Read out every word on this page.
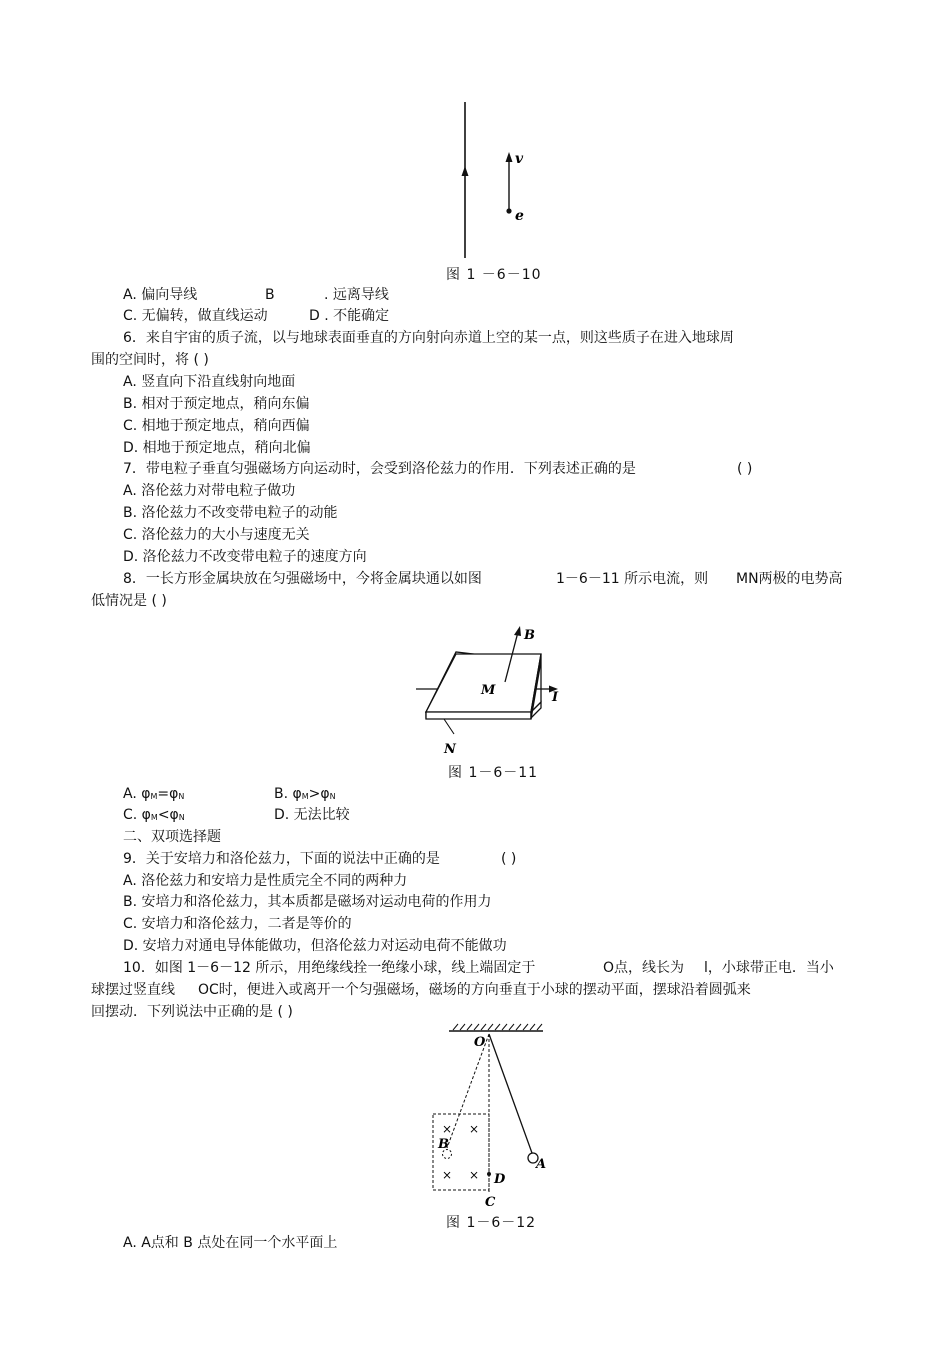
v
e
图 1 －6－10
A. 偏向导线	B	. 远离导线
C. 无偏转，做直线运动	D . 不能确定
6．来自宇宙的质子流，以与地球表面垂直的方向射向赤道上空的某一点，则这些质子在进入地球周
围的空间时，将 ( )
A. 竖直向下沿直线射向地面
B. 相对于预定地点，稍向东偏
C. 相地于预定地点，稍向西偏
D. 相地于预定地点，稍向北偏
7．带电粒子垂直匀强磁场方向运动时，会受到洛伦兹力的作用．下列表述正确的是	( )
A. 洛伦兹力对带电粒子做功
B. 洛伦兹力不改变带电粒子的动能
C. 洛伦兹力的大小与速度无关
D. 洛伦兹力不改变带电粒子的速度方向
8．一长方形金属块放在匀强磁场中，今将金属块通以如图	1－6－11 所示电流，则 MN两极的电势高
低情况是 ( )
B
M	I
N
图 1－6－11
A. φM=φN	B. φM>φN
C. φM<φN	D. 无法比较
二、双项选择题
9．关于安培力和洛伦兹力，下面的说法中正确的是	( )
A. 洛伦兹力和安培力是性质完全不同的两种力
B. 安培力和洛伦兹力，其本质都是磁场对运动电荷的作用力
C. 安培力和洛伦兹力，二者是等价的
D. 安培力对通电导体能做功，但洛伦兹力对运动电荷不能做功
10．如图 1－6－12 所示，用绝缘线拴一绝缘小球，线上端固定于	O点，线长为 l，小球带正电．当小
球摆过竖直线 OC时，便进入或离开一个匀强磁场，磁场的方向垂直于小球的摆动平面，摆球沿着圆弧来
回摆动．下列说法中正确的是 ( )
× ×
× ×
O
B
A
D
C
图 1－6－12
A. A点和 B 点处在同一个水平面上
